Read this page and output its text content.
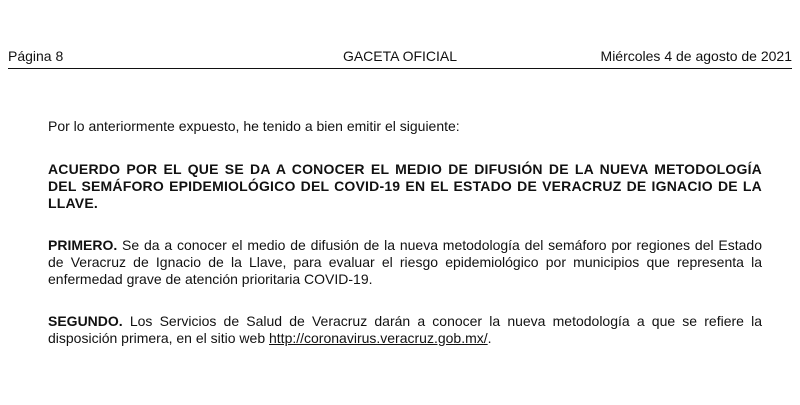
GACETA OFICIAL
Página 8	Miércoles 4 de agosto de 2021

Por lo anteriormente expuesto, he tenido a bien emitir el siguiente:

ACUERDO POR EL QUE SE DA A CONOCER EL MEDIO DE DIFUSIÓN DE LA NUEVA METODOLOGÍA DEL SEMÁFORO EPIDEMIOLÓGICO DEL COVID-19 EN EL ESTADO DE VERACRUZ DE IGNACIO DE LA LLAVE.

PRIMERO. Se da a conocer el medio de difusión de la nueva metodología del semáforo por regiones del Estado de Veracruz de Ignacio de la Llave, para evaluar el riesgo epidemiológico por municipios que representa la enfermedad grave de atención prioritaria COVID-19.

SEGUNDO. Los Servicios de Salud de Veracruz darán a conocer la nueva metodología a que se refiere la disposición primera, en el sitio web http://coronavirus.veracruz.gob.mx/.
